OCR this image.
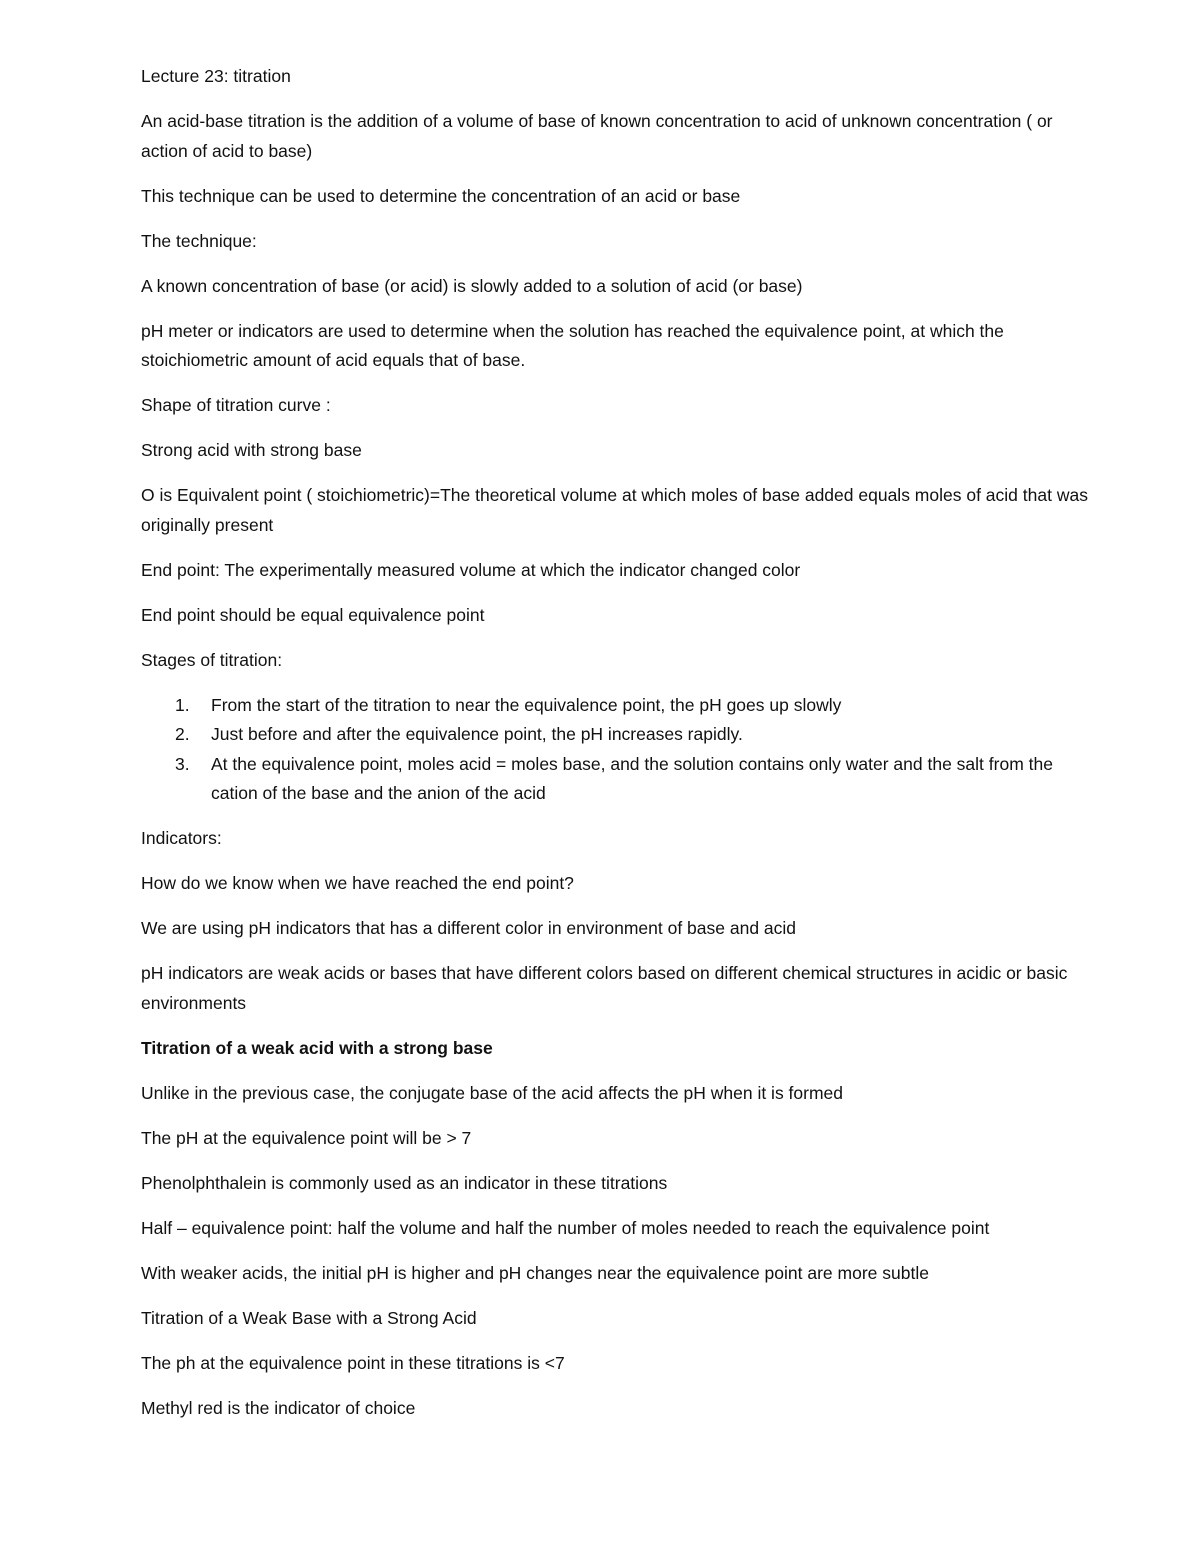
Lecture 23: titration

An acid-base titration is the addition of a volume of base of known concentration to acid of unknown concentration ( or action of acid to base)

This technique can be used to determine the concentration of an acid or base

The technique:

A known concentration of base (or acid) is slowly added to a solution of acid (or base)

pH meter or indicators are used to determine when the solution has reached the equivalence point, at which the stoichiometric amount of acid equals that of base.

Shape of titration curve :

Strong acid with strong base

O is Equivalent point ( stoichiometric)=The theoretical volume at which moles of base added equals moles of acid that was originally present

End point: The experimentally measured volume at which the indicator changed color

End point should be equal equivalence point

Stages of titration:

1. From the start of the titration to near the equivalence point, the pH goes up slowly
2. Just before and after the equivalence point, the pH increases rapidly.
3. At the equivalence point, moles acid = moles base, and the solution contains only water and the salt from the cation of the base and the anion of the acid

Indicators:

How do we know when we have reached the end point?

We are using pH indicators that has a different color in environment of base and acid

pH indicators are weak acids or bases that have different colors based on different chemical structures in acidic or basic environments

Titration of a weak acid with a strong base

Unlike in the previous case, the conjugate base of the acid affects the pH when it is formed

The pH at the equivalence point will be > 7

Phenolphthalein is commonly used as an indicator in these titrations

Half – equivalence point: half the volume and half the number of moles needed to reach the equivalence point

With weaker acids, the initial pH is higher and pH changes near the equivalence point are more subtle

Titration of a Weak Base with a Strong Acid

The ph at the equivalence point in these titrations is <7

Methyl red is the indicator of choice
